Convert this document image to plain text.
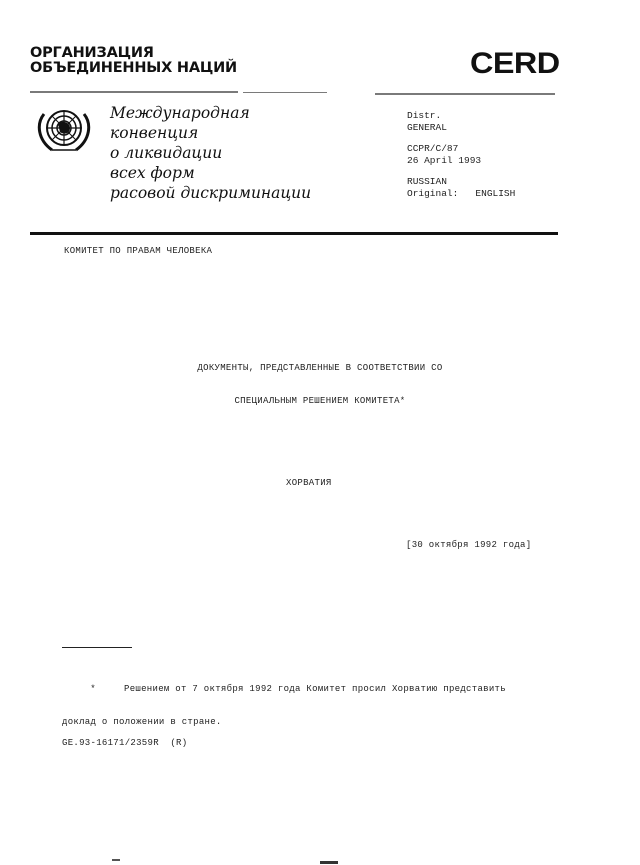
ОРГАНИЗАЦИЯ
ОБЪЕДИНЕННЫХ НАЦИЙ	CERD
Международная
конвенция
о ликвидации
всех форм
расовой дискриминации
Distr.
GENERAL
CCPR/C/87
26 April 1993
RUSSIAN
Original: ENGLISH
КОМИТЕТ ПО ПРАВАМ ЧЕЛОВЕКА

ДОКУМЕНТЫ, ПРЕДСТАВЛЕННЫЕ В СООТВЕТСТВИИ СО

СПЕЦИАЛЬНЫМ РЕШЕНИЕМ КОМИТЕТА*

ХОРВАТИЯ
[30 октября 1992 года]

*	Решением от 7 октября 1992 года Комитет просил Хорватию представить

доклад о положении в стране.

GE.93-16171/2359R  (R)
